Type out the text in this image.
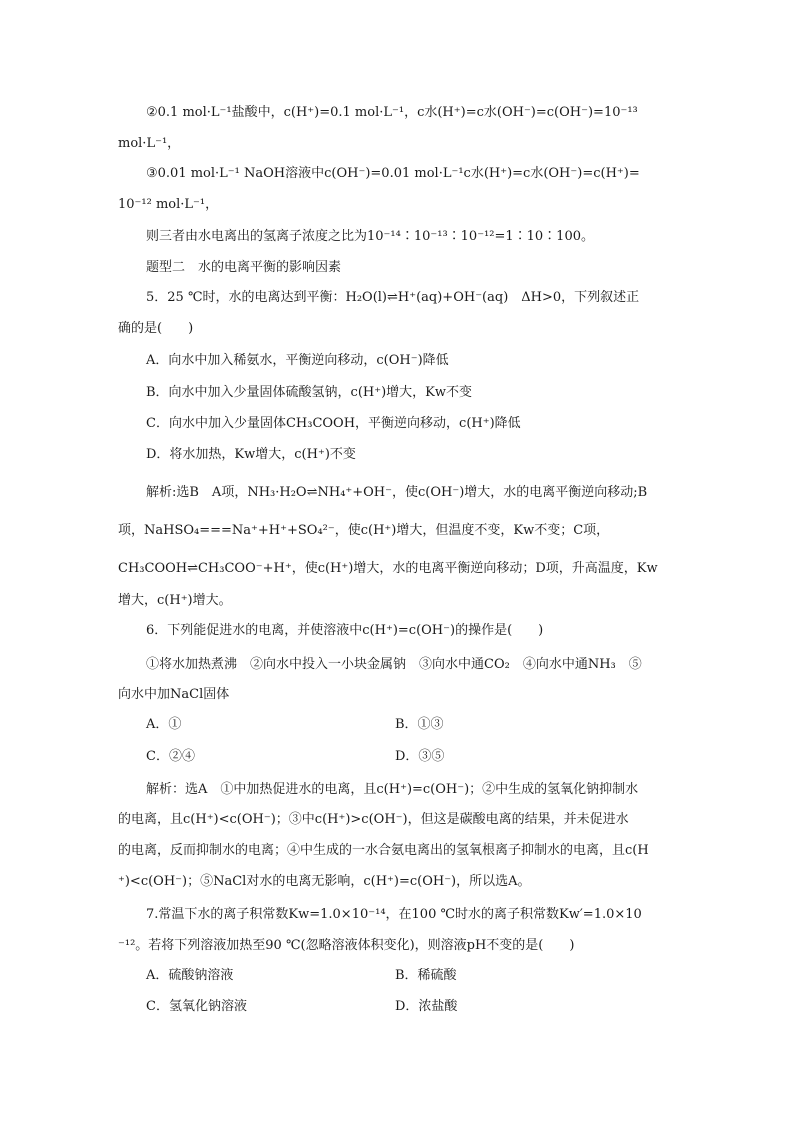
②0.1 mol·L⁻¹盐酸中，c(H⁺)=0.1 mol·L⁻¹，c水(H⁺)=c水(OH⁻)=c(OH⁻)=10⁻¹³
mol·L⁻¹，
③0.01 mol·L⁻¹ NaOH溶液中c(OH⁻)=0.01 mol·L⁻¹c水(H⁺)=c水(OH⁻)=c(H⁺)=
10⁻¹² mol·L⁻¹，
则三者由水电离出的氢离子浓度之比为10⁻¹⁴∶10⁻¹³∶10⁻¹²=1∶10∶100。
题型二　水的电离平衡的影响因素
5．25 ℃时，水的电离达到平衡：H₂O(l)⇌H⁺(aq)+OH⁻(aq)　ΔH>0，下列叙述正
确的是(　　)
A．向水中加入稀氨水，平衡逆向移动，c(OH⁻)降低
B．向水中加入少量固体硫酸氢钠，c(H⁺)增大，Kw不变
C．向水中加入少量固体CH₃COOH，平衡逆向移动，c(H⁺)降低
D．将水加热，Kw增大，c(H⁺)不变
解析:选B　A项，NH₃·H₂O⇌NH₄⁺+OH⁻，使c(OH⁻)增大，水的电离平衡逆向移动;B
项，NaHSO₄===Na⁺+H⁺+SO₄²⁻，使c(H⁺)增大，但温度不变，Kw不变；C项，
CH₃COOH⇌CH₃COO⁻+H⁺，使c(H⁺)增大，水的电离平衡逆向移动；D项，升高温度，Kw
增大，c(H⁺)增大。
6．下列能促进水的电离，并使溶液中c(H⁺)=c(OH⁻)的操作是(　　)
①将水加热煮沸　②向水中投入一小块金属钠　③向水中通CO₂　④向水中通NH₃　⑤
向水中加NaCl固体
A．①	B．①③
C．②④	D．③⑤
解析：选A　①中加热促进水的电离，且c(H⁺)=c(OH⁻)；②中生成的氢氧化钠抑制水
的电离，且c(H⁺)<c(OH⁻)；③中c(H⁺)>c(OH⁻)，但这是碳酸电离的结果，并未促进水
的电离，反而抑制水的电离；④中生成的一水合氨电离出的氢氧根离子抑制水的电离，且c(H
⁺)<c(OH⁻)；⑤NaCl对水的电离无影响，c(H⁺)=c(OH⁻)，所以选A。
7.常温下水的离子积常数Kw=1.0×10⁻¹⁴，在100 ℃时水的离子积常数Kw′=1.0×10
⁻¹²。若将下列溶液加热至90 ℃(忽略溶液体积变化)，则溶液pH不变的是(　　)
A．硫酸钠溶液	B．稀硫酸
C．氢氧化钠溶液	D．浓盐酸
